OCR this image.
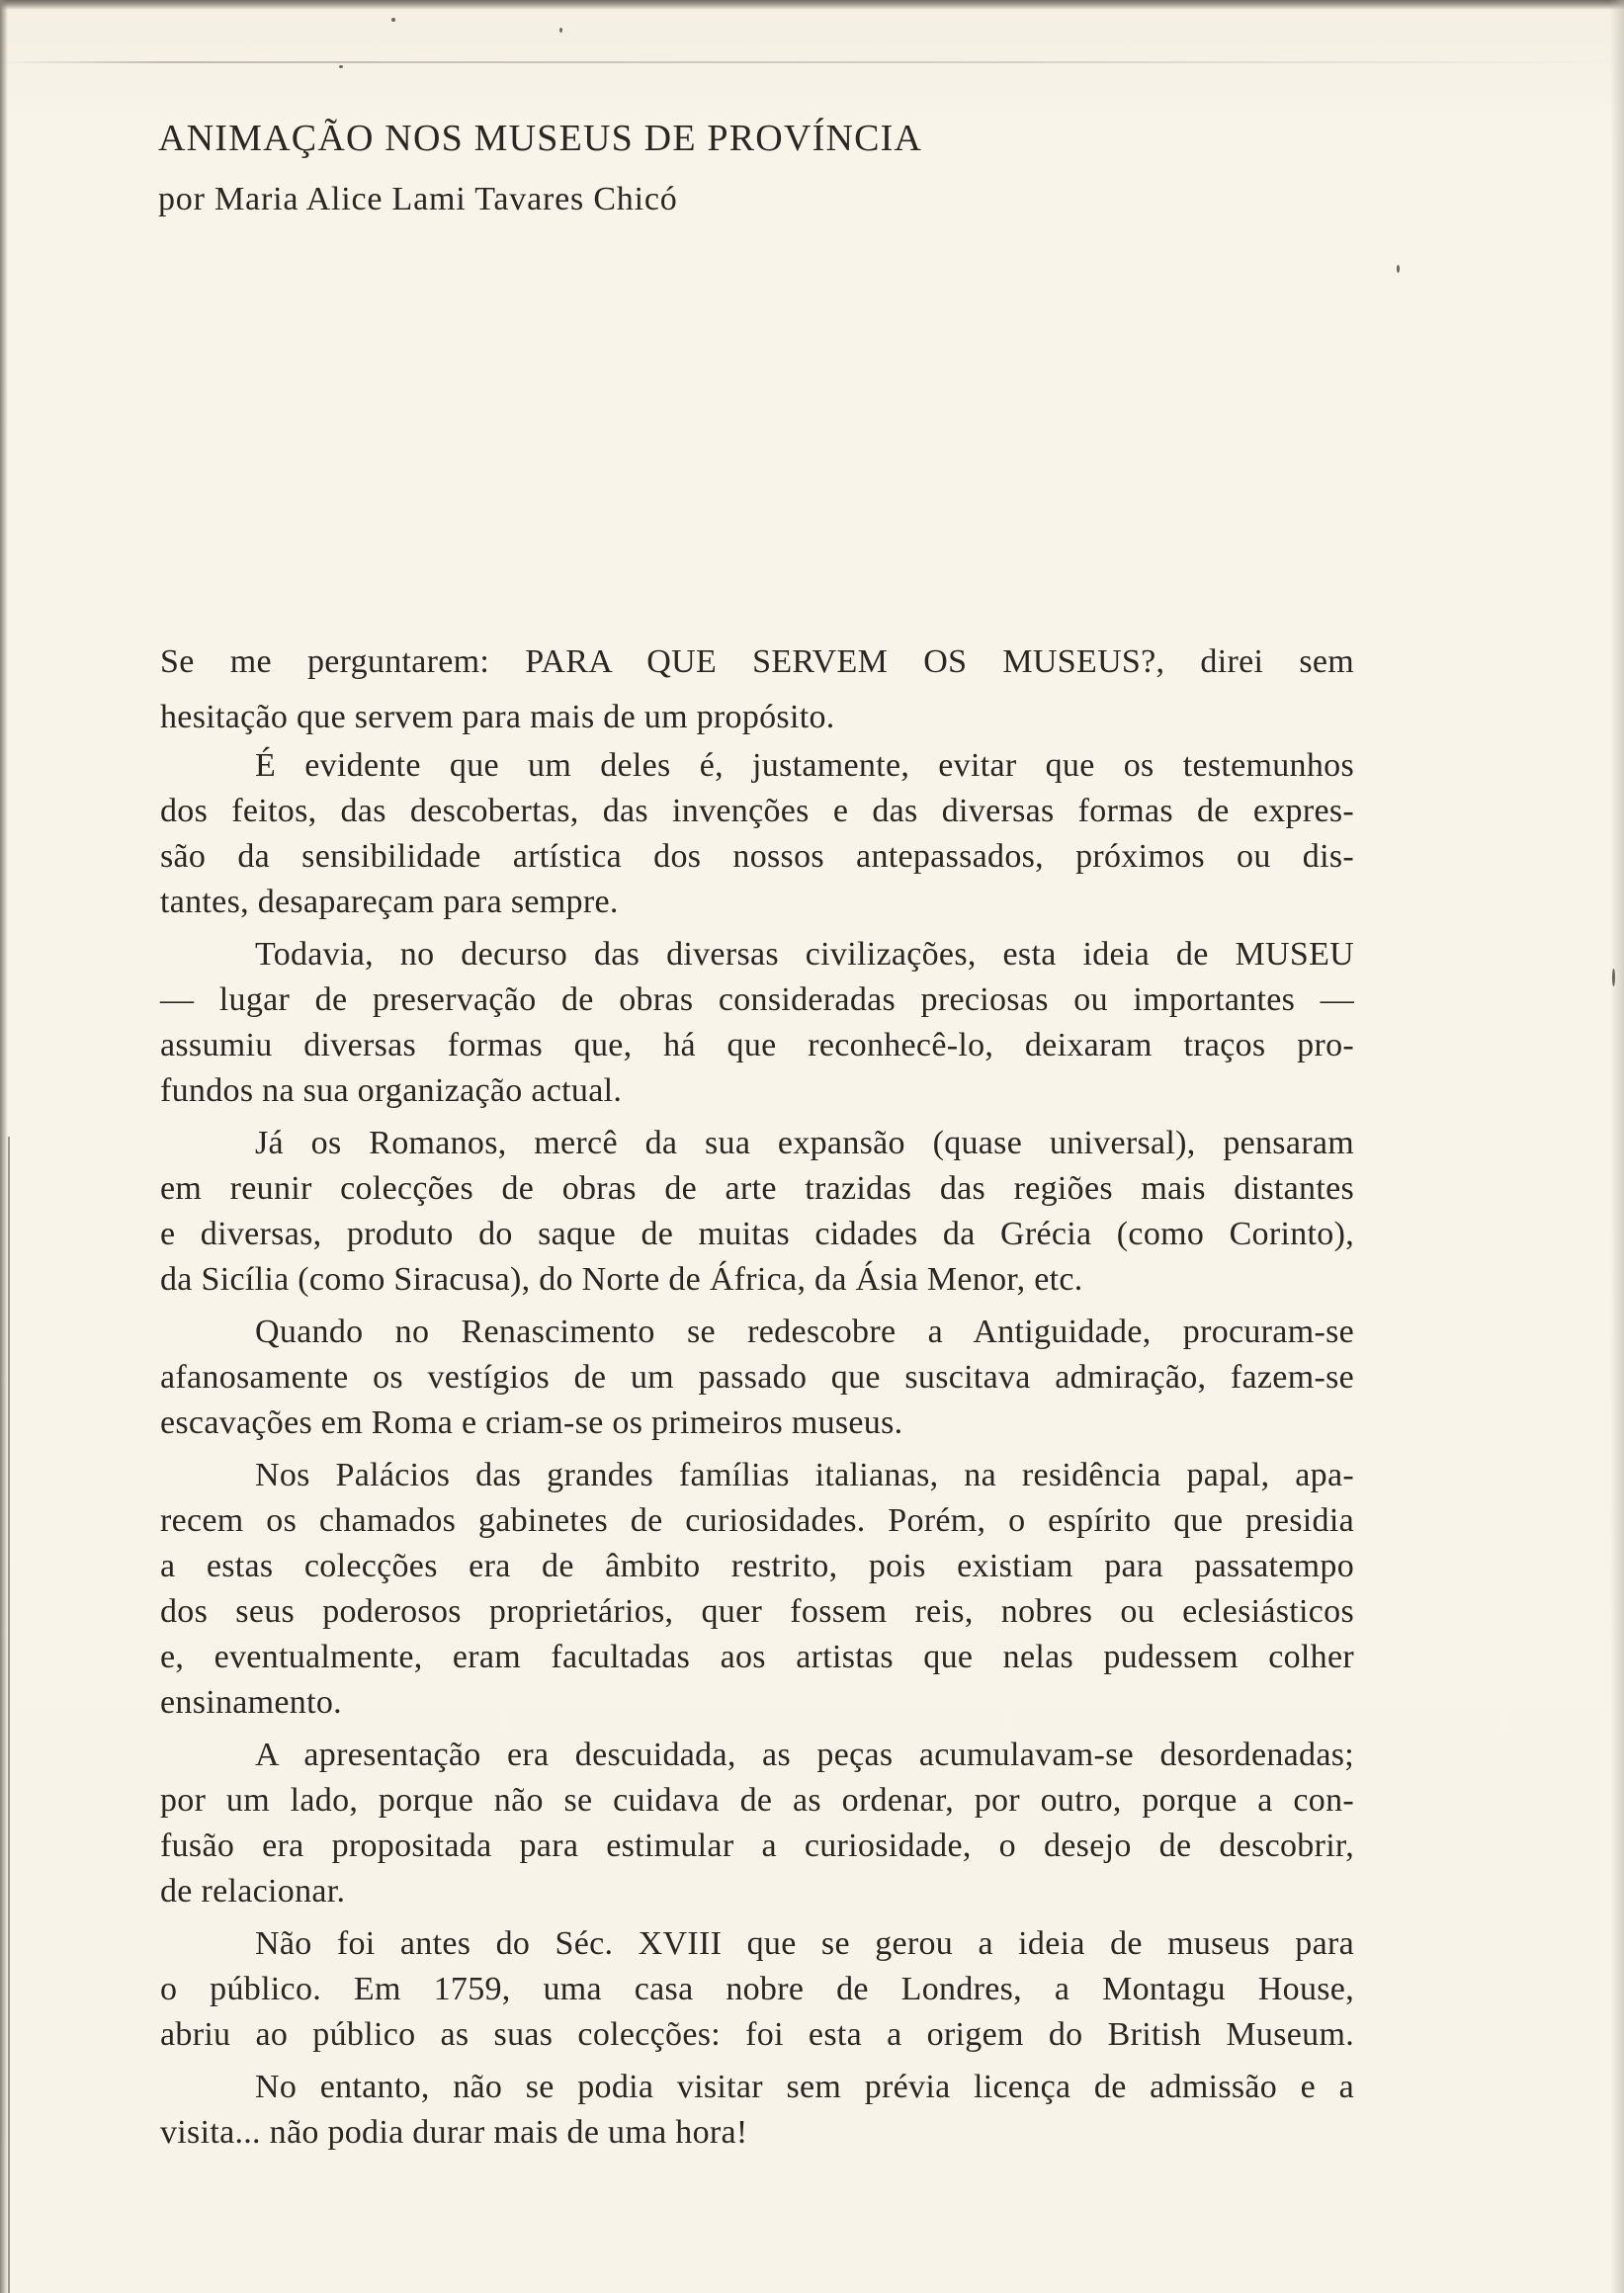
ANIMAÇÃO NOS MUSEUS DE PROVÍNCIA

por Maria Alice Lami Tavares Chicó

Se me perguntarem: PARA QUE SERVEM OS MUSEUS?, direi sem
hesitação que servem para mais de um propósito.
É evidente que um deles é, justamente, evitar que os testemunhos
dos feitos, das descobertas, das invenções e das diversas formas de expres-
são da sensibilidade artística dos nossos antepassados, próximos ou dis-
tantes, desapareçam para sempre.
Todavia, no decurso das diversas civilizações, esta ideia de MUSEU
— lugar de preservação de obras consideradas preciosas ou importantes —
assumiu diversas formas que, há que reconhecê-lo, deixaram traços pro-
fundos na sua organização actual.
Já os Romanos, mercê da sua expansão (quase universal), pensaram
em reunir colecções de obras de arte trazidas das regiões mais distantes
e diversas, produto do saque de muitas cidades da Grécia (como Corinto),
da Sicília (como Siracusa), do Norte de África, da Ásia Menor, etc.
Quando no Renascimento se redescobre a Antiguidade, procuram-se
afanosamente os vestígios de um passado que suscitava admiração, fazem-se
escavações em Roma e criam-se os primeiros museus.
Nos Palácios das grandes famílias italianas, na residência papal, apa-
recem os chamados gabinetes de curiosidades. Porém, o espírito que presidia
a estas colecções era de âmbito restrito, pois existiam para passatempo
dos seus poderosos proprietários, quer fossem reis, nobres ou eclesiásticos
e, eventualmente, eram facultadas aos artistas que nelas pudessem colher
ensinamento.
A apresentação era descuidada, as peças acumulavam-se desordenadas;
por um lado, porque não se cuidava de as ordenar, por outro, porque a con-
fusão era propositada para estimular a curiosidade, o desejo de descobrir,
de relacionar.
Não foi antes do Séc. XVIII que se gerou a ideia de museus para
o público. Em 1759, uma casa nobre de Londres, a Montagu House,
abriu ao público as suas colecções: foi esta a origem do British Museum.
No entanto, não se podia visitar sem prévia licença de admissão e a
visita... não podia durar mais de uma hora!
